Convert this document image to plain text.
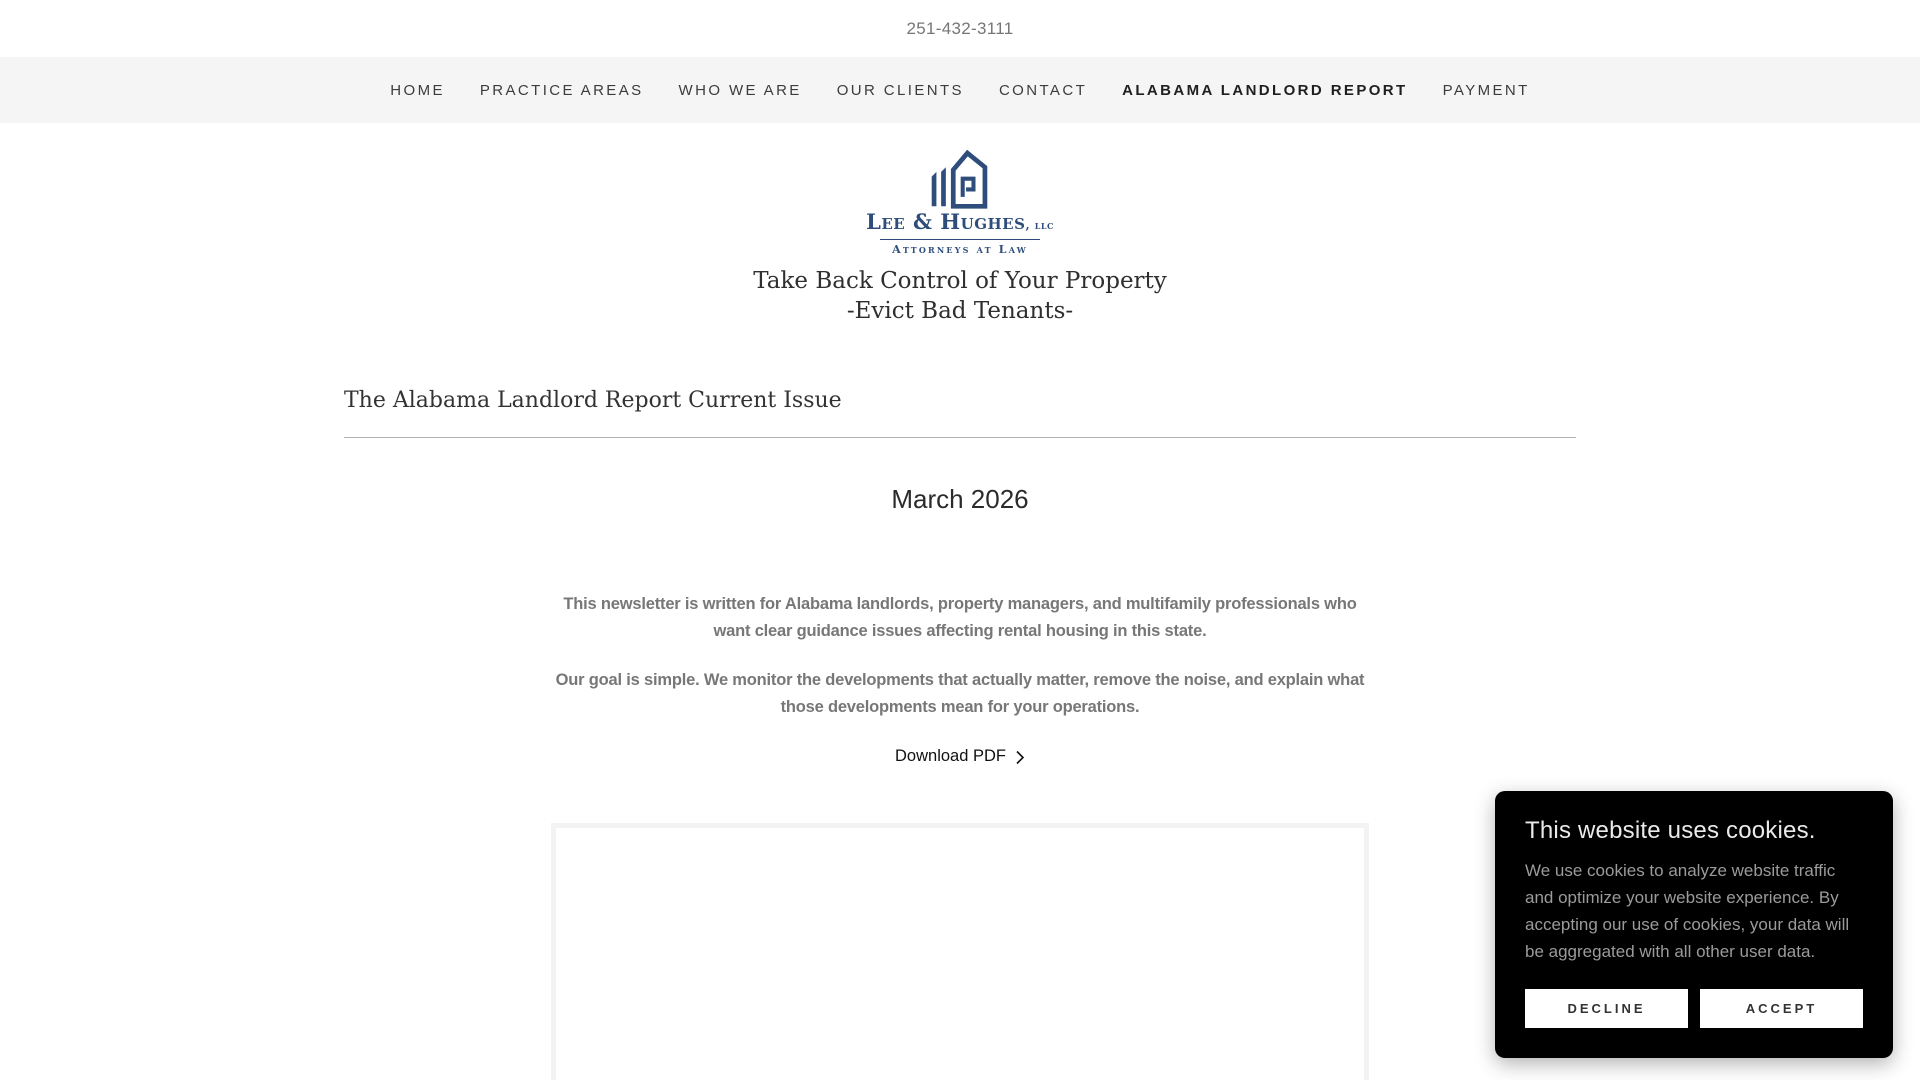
251-432-3111
HOME PRACTICE AREAS WHO WE ARE OUR CLIENTS CONTACT ALABAMA LANDLORD REPORT PAYMENT
Lee & Hughes, llc
Attorneys at Law
Take Back Control of Your Property
-Evict Bad Tenants-
The Alabama Landlord Report Current Issue
March 2026

This newsletter is written for Alabama landlords, property managers, and multifamily professionals who want clear guidance issues affecting rental housing in this state.

Our goal is simple. We monitor the developments that actually matter, remove the noise, and explain what those developments mean for your operations.

Download PDF
This website uses cookies.
We use cookies to analyze website traffic and optimize your website experience. By accepting our use of cookies, your data will be aggregated with all other user data.
DECLINE	ACCEPT
